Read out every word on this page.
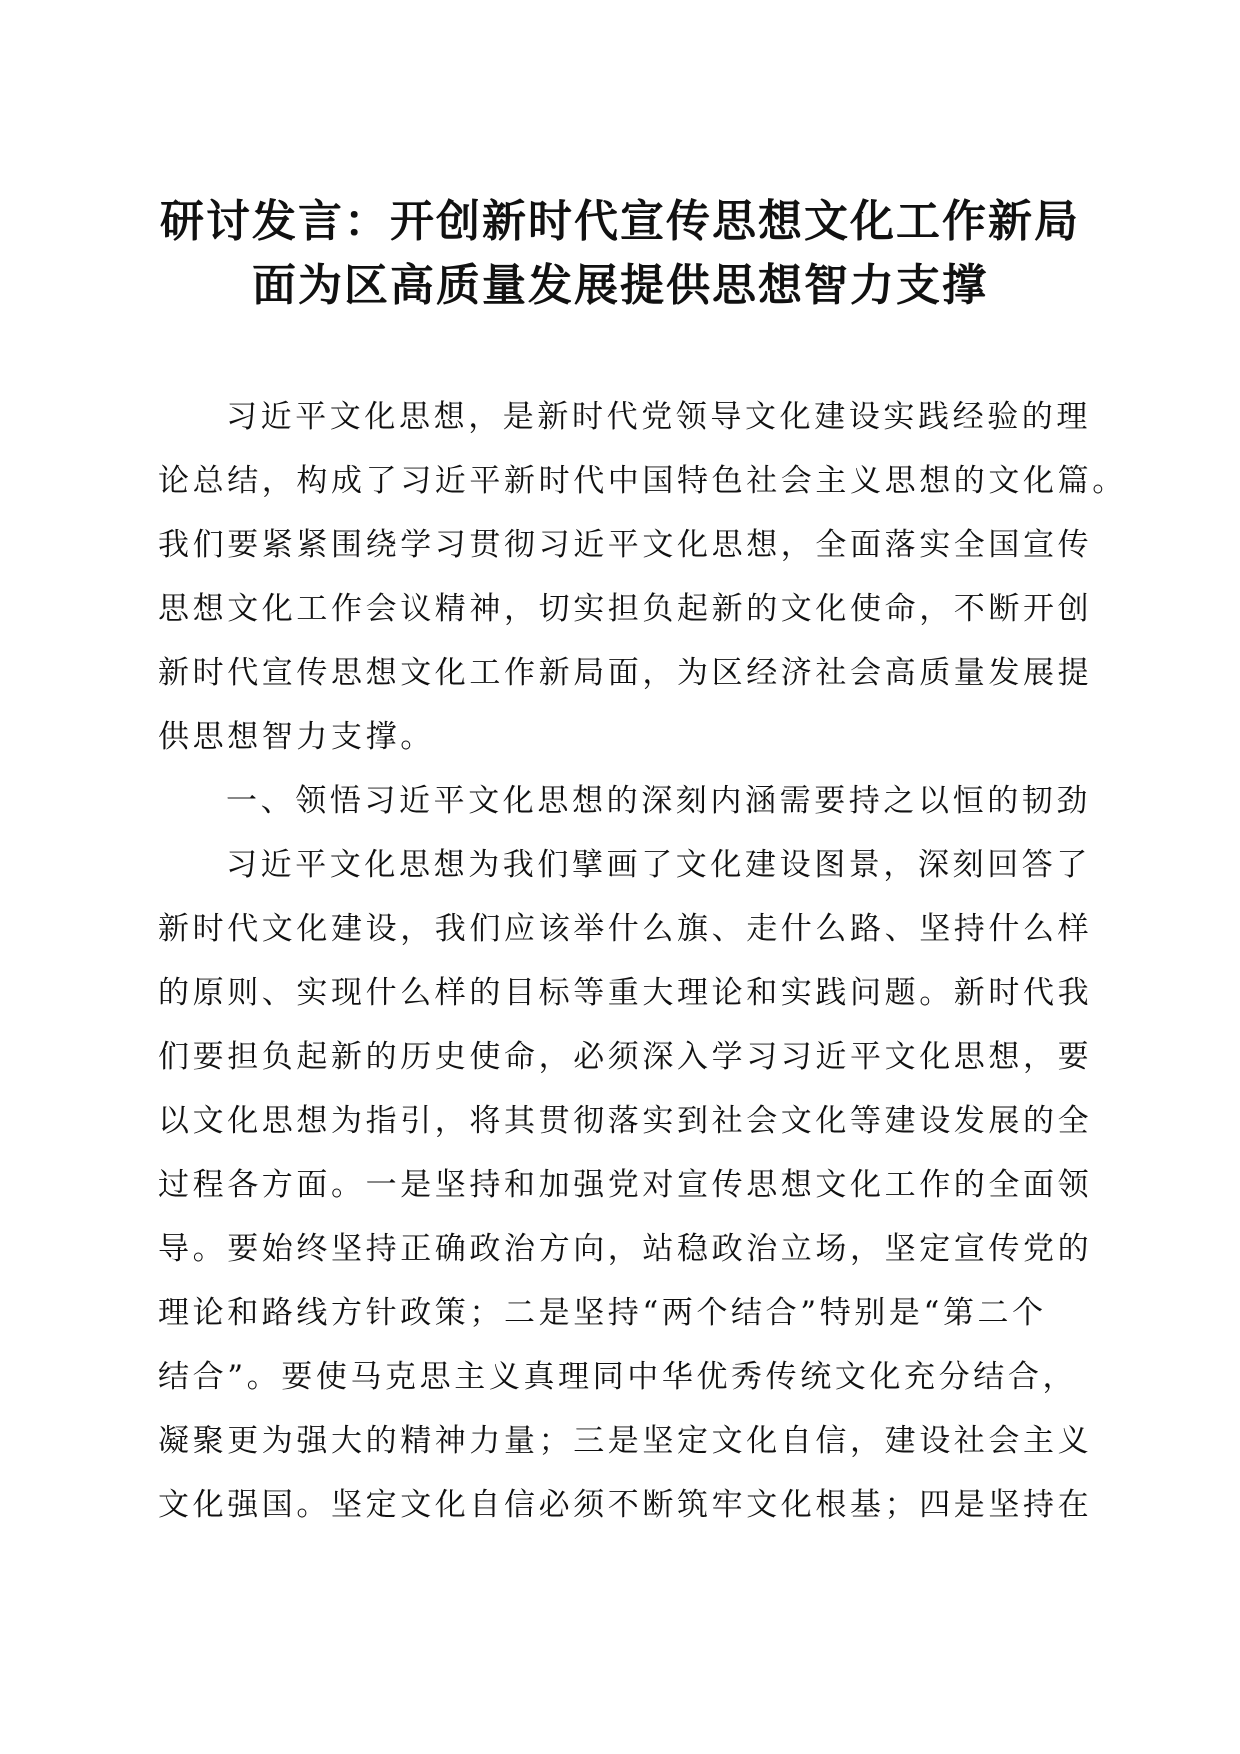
研讨发言：开创新时代宣传思想文化工作新局
面为区高质量发展提供思想智力支撑

习近平文化思想，是新时代党领导文化建设实践经验的理
论总结，构成了习近平新时代中国特色社会主义思想的文化篇。
我们要紧紧围绕学习贯彻习近平文化思想，全面落实全国宣传
思想文化工作会议精神，切实担负起新的文化使命，不断开创
新时代宣传思想文化工作新局面，为区经济社会高质量发展提
供思想智力支撑。

一、领悟习近平文化思想的深刻内涵需要持之以恒的韧劲

习近平文化思想为我们擘画了文化建设图景，深刻回答了
新时代文化建设，我们应该举什么旗、走什么路、坚持什么样
的原则、实现什么样的目标等重大理论和实践问题。新时代我
们要担负起新的历史使命，必须深入学习习近平文化思想，要
以文化思想为指引，将其贯彻落实到社会文化等建设发展的全
过程各方面。一是坚持和加强党对宣传思想文化工作的全面领
导。要始终坚持正确政治方向，站稳政治立场，坚定宣传党的
理论和路线方针政策；二是坚持“两个结合”特别是“第二个
结合”。要使马克思主义真理同中华优秀传统文化充分结合，
凝聚更为强大的精神力量；三是坚定文化自信，建设社会主义
文化强国。坚定文化自信必须不断筑牢文化根基；四是坚持在
